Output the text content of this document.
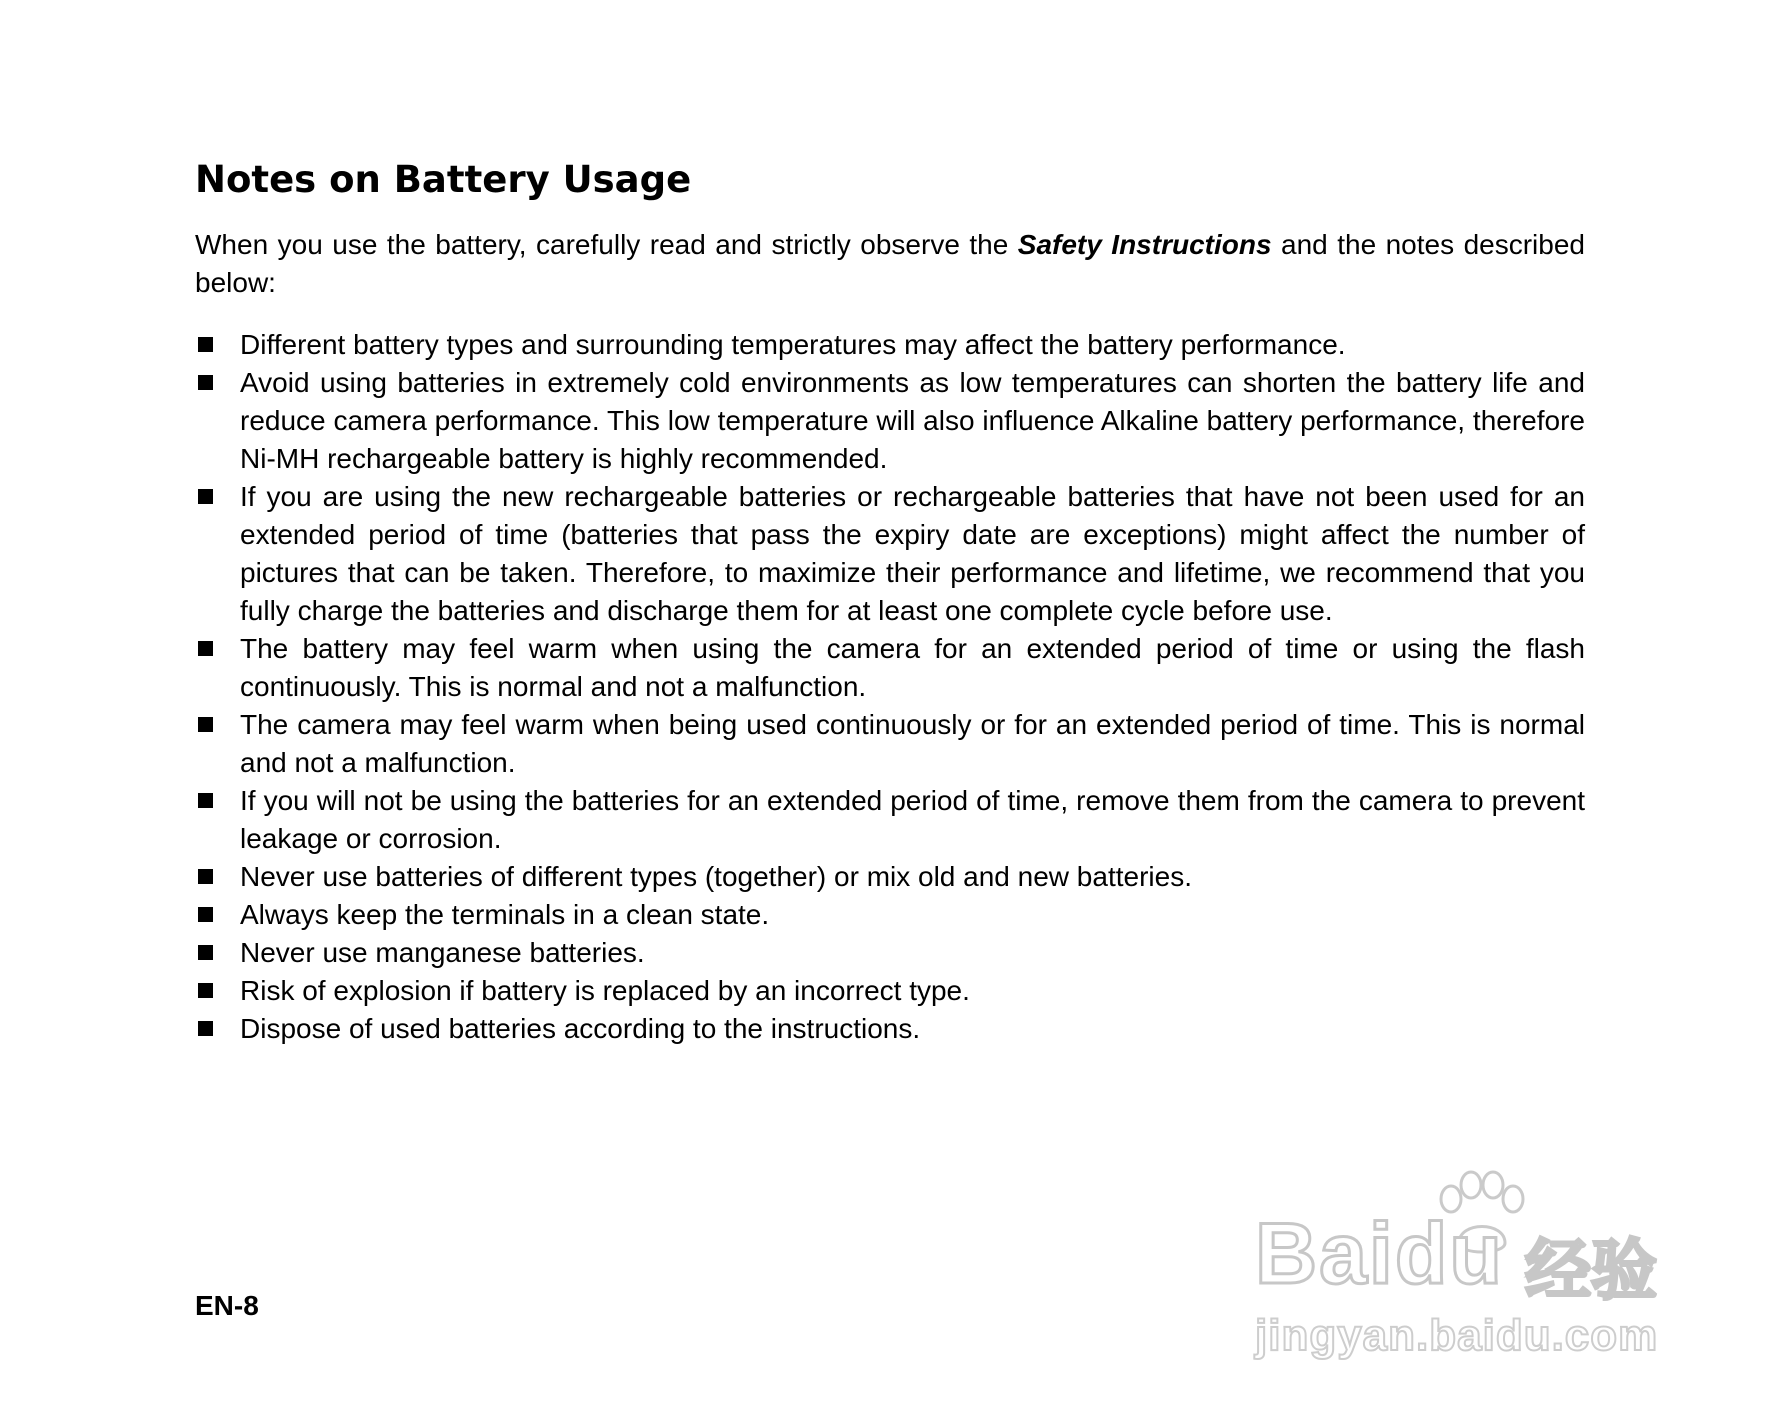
Notes on Battery Usage

When you use the battery, carefully read and strictly observe the Safety Instructions and the notes described below:

Different battery types and surrounding temperatures may affect the battery performance.
Avoid using batteries in extremely cold environments as low temperatures can shorten the battery life and reduce camera performance. This low temperature will also influence Alkaline battery performance, therefore Ni-MH rechargeable battery is highly recommended.
If you are using the new rechargeable batteries or rechargeable batteries that have not been used for an extended period of time (batteries that pass the expiry date are exceptions) might affect the number of pictures that can be taken. Therefore, to maximize their performance and lifetime, we recommend that you fully charge the batteries and discharge them for at least one complete cycle before use.
The battery may feel warm when using the camera for an extended period of time or using the flash continuously. This is normal and not a malfunction.
The camera may feel warm when being used continuously or for an extended period of time. This is normal and not a malfunction.
If you will not be using the batteries for an extended period of time, remove them from the camera to prevent leakage or corrosion.
Never use batteries of different types (together) or mix old and new batteries.
Always keep the terminals in a clean state.
Never use manganese batteries.
Risk of explosion if battery is replaced by an incorrect type.
Dispose of used batteries according to the instructions.
EN-8
Baidu 经验
jingyan.baidu.com
